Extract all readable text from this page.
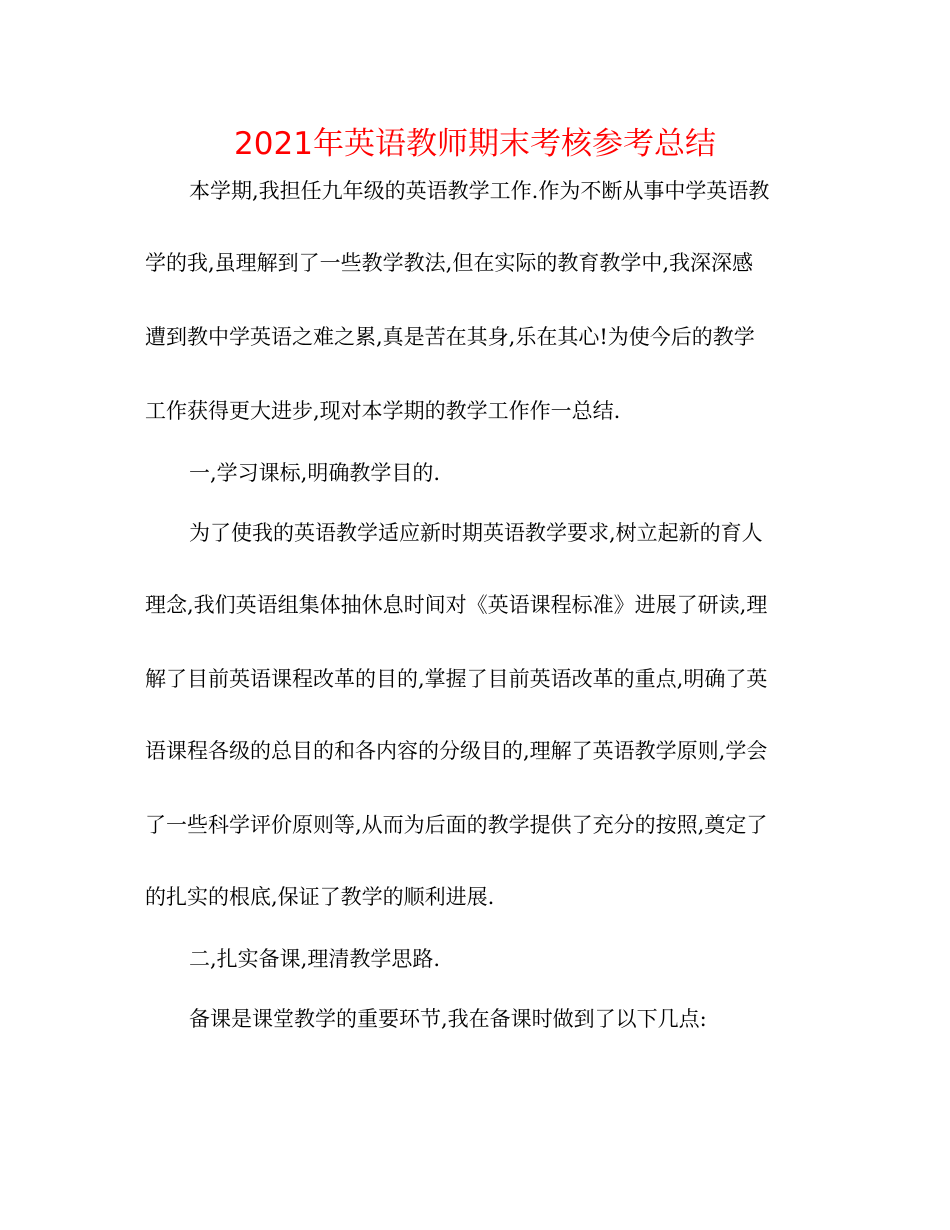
2021年英语教师期末考核参考总结

本学期,我担任九年级的英语教学工作.作为不断从事中学英语教

学的我,虽理解到了一些教学教法,但在实际的教育教学中,我深深感

遭到教中学英语之难之累,真是苦在其身,乐在其心!为使今后的教学

工作获得更大进步,现对本学期的教学工作作一总结.

一,学习课标,明确教学目的.

为了使我的英语教学适应新时期英语教学要求,树立起新的育人

理念,我们英语组集体抽休息时间对《英语课程标准》进展了研读,理

解了目前英语课程改革的目的,掌握了目前英语改革的重点,明确了英

语课程各级的总目的和各内容的分级目的,理解了英语教学原则,学会

了一些科学评价原则等,从而为后面的教学提供了充分的按照,奠定了

的扎实的根底,保证了教学的顺利进展.

二,扎实备课,理清教学思路.

备课是课堂教学的重要环节,我在备课时做到了以下几点:
